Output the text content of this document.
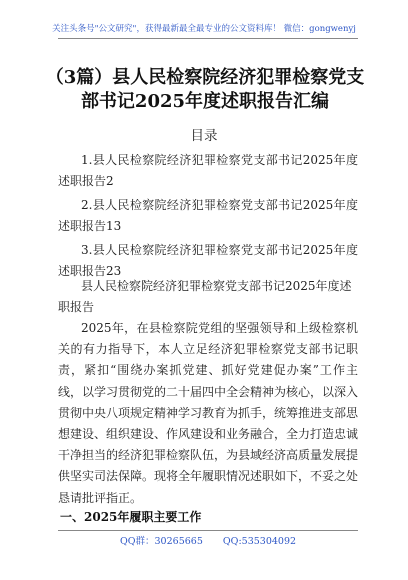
关注头条号"公文研究"，获得最新最全最专业的公文资料库！ 微信：gongwenyj
（3篇）县人民检察院经济犯罪检察党支部书记2025年度述职报告汇编
目录
1.县人民检察院经济犯罪检察党支部书记2025年度述职报告2
2.县人民检察院经济犯罪检察党支部书记2025年度述职报告13
3.县人民检察院经济犯罪检察党支部书记2025年度述职报告23

县人民检察院经济犯罪检察党支部书记2025年度述职报告

2025年，在县检察院党组的坚强领导和上级检察机关的有力指导下，本人立足经济犯罪检察党支部书记职责，紧扣“围绕办案抓党建、抓好党建促办案”工作主线，以学习贯彻党的二十届四中全会精神为核心，以深入贯彻中央八项规定精神学习教育为抓手，统筹推进支部思想建设、组织建设、作风建设和业务融合，全力打造忠诚干净担当的经济犯罪检察队伍，为县域经济高质量发展提供坚实司法保障。现将全年履职情况述职如下，不妥之处恳请批评指正。

一、2025年履职主要工作

QQ群：30265665 QQ:535304092
